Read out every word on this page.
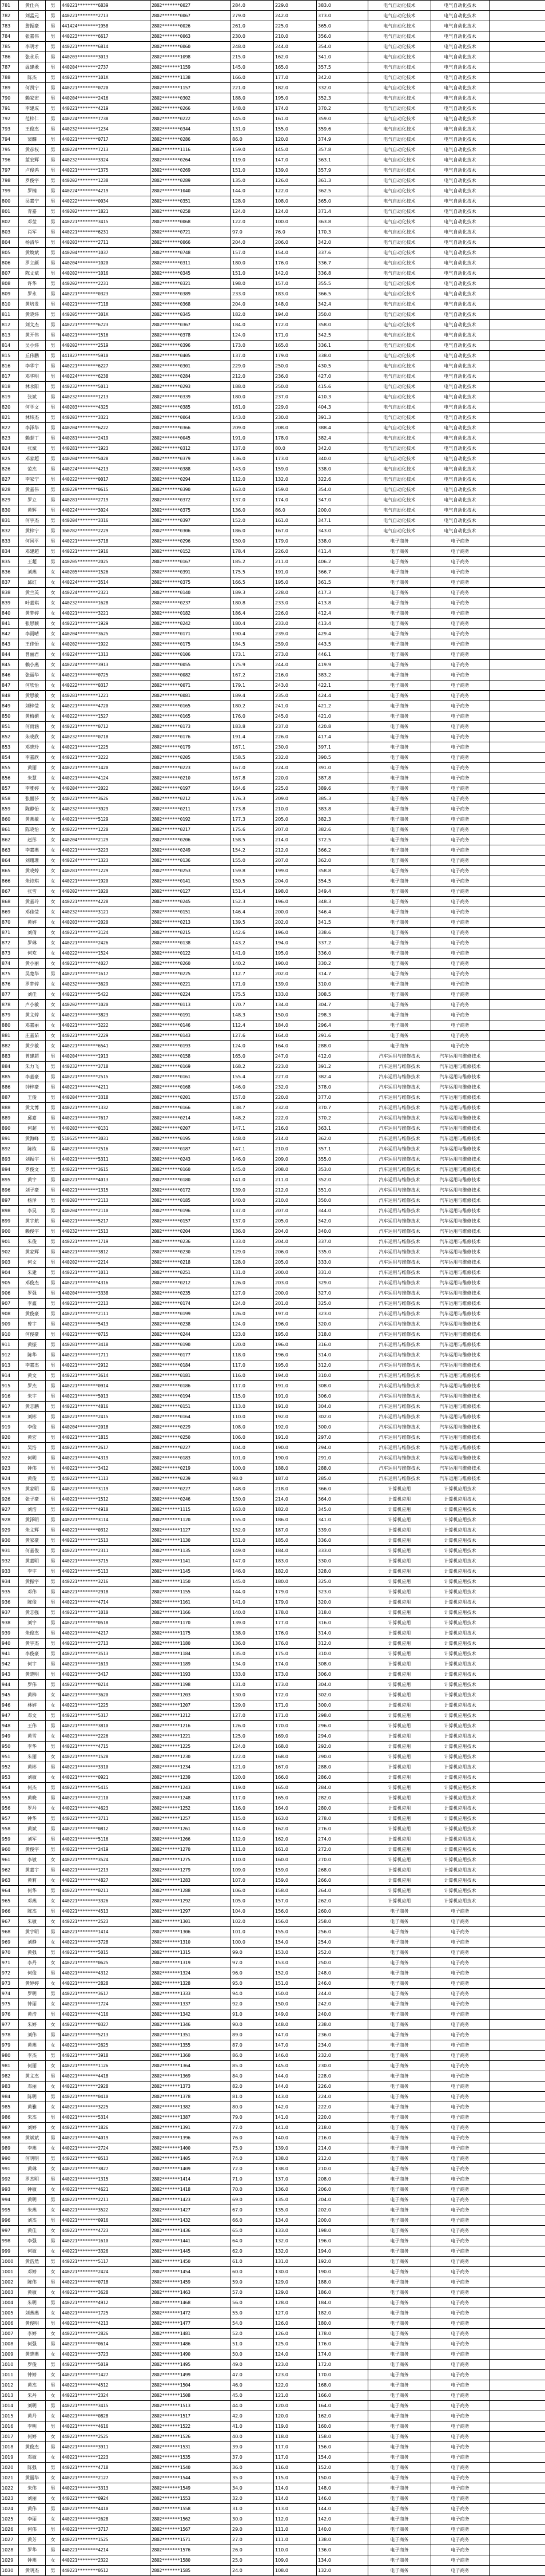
781	黄仕兴	男	440221********6839	2802*******0027	284.0	229.0	383.0	电气自动化技术	电气自动化技术	
782	刘孟元	男	440221********2713	2802*******0067	279.0	242.0	373.0	电气自动化技术	电气自动化技术	
783	詹振豪	男	441424********1958	2802*******0026	261.0	225.0	365.0	电气自动化技术	电气自动化技术	
784	张嘉伟	男	440223********6617	2802*******0063	230.0	210.0	356.0	电气自动化技术	电气自动化技术	
785	李明才	男	440221********6814	2802*******0060	248.0	244.0	354.0	电气自动化技术	电气自动化技术	
786	张永乐	男	440203********3013	2802*******1098	215.0	162.0	341.0	电气自动化技术	电气自动化技术	
787	温建淞	男	440204********2737	2802*******1159	145.0	165.0	357.5	电气自动化技术	电气自动化技术	
788	陈杰	男	440221********101X	2802*******1138	166.0	177.0	342.0	电气自动化技术	电气自动化技术	
789	何凯宁	男	440221********0720	2802*******1157	221.0	182.0	332.0	电气自动化技术	电气自动化技术	
790	赖家宏	男	440204********2416	2802*******0302	188.0	195.0	352.3	电气自动化技术	电气自动化技术	
791	李建成	男	440221********4219	2802*******0266	148.0	174.0	370.2	电气自动化技术	电气自动化技术	
792	范梓仁	男	440224********7738	2802*******0222	145.0	161.0	359.0	电气自动化技术	电气自动化技术	
793	王俊杰	男	440232********1234	2802*******0344	131.0	155.0	359.6	电气自动化技术	电气自动化技术	
794	梁麟	男	440221********0717	2802*******0286	86.0	120.0	374.9	电气自动化技术	电气自动化技术	
795	黄彦权	男	440224********7213	2802*******1116	159.0	145.0	357.8	电气自动化技术	电气自动化技术	
796	蓝宏辉	男	440232********3324	2802*******0264	119.0	147.0	363.1	电气自动化技术	电气自动化技术	
797	卢俊鸿	男	440221********1375	2802*******0269	151.0	139.0	357.9	电气自动化技术	电气自动化技术	
798	罗俊宇	男	440202********1238	2802*******0289	135.0	126.0	361.3	电气自动化技术	电气自动化技术	
799	罗楠	男	440224********4219	2802*******1040	144.0	122.0	362.5	电气自动化技术	电气自动化技术	
800	吴嘉宁	男	440222********0034	2802*******0351	128.0	108.0	365.0	电气自动化技术	电气自动化技术	
801	青嘉	男	440202********1821	2802*******0258	124.0	124.0	371.4	电气自动化技术	电气自动化技术	
802	邓莹	男	440221********3415	2802*******0068	122.0	100.0	363.8	电气自动化技术	电气自动化技术	
803	肖军	男	440221********6231	2802*******0721	97.0	76.0	170.3	电气自动化技术	电气自动化技术	
804	杨清华	男	440203********2711	2802*******0066	204.0	206.0	342.0	电气自动化技术	电气自动化技术	
805	黄焕斌	男	440204********1037	2802*******0748	157.0	154.0	337.6	电气自动化技术	电气自动化技术	
806	罗立颜	男	440204********1020	2802*******0311	180.0	176.0	336.7	电气自动化技术	电气自动化技术	
807	陈文斌	男	440202********1016	2802*******0345	151.0	142.0	336.8	电气自动化技术	电气自动化技术	
808	许华	男	440202********2231	2802*******0321	198.0	157.0	355.5	电气自动化技术	电气自动化技术	
809	罗永	男	440221********0323	2802*******0389	233.0	183.0	366.5	电气自动化技术	电气自动化技术	
810	黄培发	男	440221********7118	2802*******0368	204.0	148.0	342.4	电气自动化技术	电气自动化技术	
811	黄晓炜	男	440205********301X	2802*******0345	182.0	194.0	350.0	电气自动化技术	电气自动化技术	
812	刘文杰	男	440221********6723	2802*******0367	184.0	172.0	358.0	电气自动化技术	电气自动化技术	
813	黄开伟	男	440221********1516	2802*******0378	124.0	171.0	342.5	电气自动化技术	电气自动化技术	
814	吴小炜	男	440202********2519	2802*******0396	173.0	165.0	336.1	电气自动化技术	电气自动化技术	
815	丘伟鹏	男	441827********5910	2802*******0405	137.0	179.0	338.0	电气自动化技术	电气自动化技术	
816	李华宇	男	440221********6227	2802*******0301	229.0	250.0	430.5	电气自动化技术	电气自动化技术	
817	邓华明	男	440224********6238	2802*******0284	212.0	236.0	427.0	电气自动化技术	电气自动化技术	
818	林永阳	男	440232********5011	2802*******0293	188.0	250.0	415.6	电气自动化技术	电气自动化技术	
819	张斌	男	440232********1213	2802*******0339	180.0	237.0	410.3	电气自动化技术	电气自动化技术	
820	何学文	男	440203********4325	2802*******0385	161.0	229.0	404.3	电气自动化技术	电气自动化技术	
821	林炜杰	男	440203********3321	2802*******0064	143.0	230.0	391.3	电气自动化技术	电气自动化技术	
822	李泽华	男	440204********6222	2802*******0366	209.0	208.0	388.4	电气自动化技术	电气自动化技术	
823	赖泰丁	男	440281********2419	2802*******0045	191.0	178.0	382.4	电气自动化技术	电气自动化技术	
824	张斌	男	440281********1923	2802*******0312	137.0	80.0	342.0	电气自动化技术	电气自动化技术	
825	邓家超	男	440204********5028	2802*******0379	136.0	173.0	340.0	电气自动化技术	电气自动化技术	
826	范杰	男	440224********4213	2802*******0388	143.0	159.0	338.0	电气自动化技术	电气自动化技术	
827	李家宁	男	440222********0017	2802*******0294	112.0	132.0	322.6	电气自动化技术	电气自动化技术	
828	黄嘉伟	男	440229********0615	2802*******0390	163.0	159.0	354.0	电气自动化技术	电气自动化技术	
829	罗立	男	440281********2719	2802*******0372	137.0	174.0	347.0	电气自动化技术	电气自动化技术	
830	黄辉	男	440224********3024	2802*******0375	136.0	86.0	200.0	电气自动化技术	电气自动化技术	
831	何宇杰	男	440204********3316	2802*******0397	152.0	161.0	347.1	电气自动化技术	电气自动化技术	
832	黄梓宁	男	360782********2229	2802*******0306	186.0	167.0	343.0	电气自动化技术	电气自动化技术	
833	何国平	男	440221********3718	2802*******0296	150.0	179.0	338.0	电子商务	电子商务	
834	邓建超	男	440221********1916	2802*******0152	178.4	226.0	411.4	电子商务	电子商务	
835	王超	男	440205********2025	2802*******0167	185.2	211.0	406.2	电子商务	电子商务	
836	刘燕	女	440205********1526	2802*******0391	175.5	191.0	366.7	电子商务	电子商务	
837	邱红	女	440224********3514	2802*******0375	166.5	195.0	361.5	电子商务	电子商务	
838	黄兰英	女	440224********2321	2802*******0140	189.3	228.0	417.3	电子商务	电子商务	
839	叶嘉琪	女	440232********1628	2802*******0237	180.8	233.0	413.8	电子商务	电子商务	
840	黄梦婷	女	440221********3221	2802*******0182	186.4	226.0	412.4	电子商务	电子商务	
841	张思颖	女	440221********1929	2802*******0242	180.4	233.0	413.4	电子商务	电子商务	
842	李雨晴	女	440204********3625	2802*******0171	190.4	239.0	429.4	电子商务	电子商务	
843	王佳怡	女	440202********1922	2802*******0175	184.5	259.0	443.5	电子商务	电子商务	
844	曾丽君	女	440224********1313	2802*******0106	173.1	273.0	446.1	电子商务	电子商务	
845	赖小燕	女	440224********3913	2802*******0055	175.9	244.0	419.9	电子商务	电子商务	
846	张丽华	女	440221********0725	2802*******0082	167.2	216.0	383.2	电子商务	电子商务	
847	何欣怡	女	440222********0317	2802*******0071	179.1	243.0	422.1	电子商务	电子商务	
848	黄思敏	女	440281********1221	2802*******0081	189.4	235.0	424.4	电子商务	电子商务	
849	刘梓莹	女	440221********4720	2802*******0165	180.2	241.0	421.2	电子商务	电子商务	
850	黄梅媚	女	440222********1527	2802*******0165	176.0	245.0	421.0	电子商务	电子商务	
851	何雨涵	女	440221********0712	2802*******0173	183.8	237.0	420.8	电子商务	电子商务	
852	朱晓欣	女	440232********0718	2802*******0176	191.4	226.0	417.4	电子商务	电子商务	
853	邓晓玲	女	440221********1225	2802*******0179	167.1	230.0	397.1	电子商务	电子商务	
854	李嘉欣	女	440221********3222	2802*******0205	158.5	232.0	390.5	电子商务	电子商务	
855	黄丽	女	440221********1420	2802*******0223	167.0	224.0	391.0	电子商务	电子商务	
856	朱慧	女	440221********4124	2802*******0210	167.8	220.0	387.8	电子商务	电子商务	
857	李雅婷	女	440204********2022	2802*******0197	164.6	225.0	389.6	电子商务	电子商务	
858	张丽莎	女	440221********3626	2802*******0212	176.3	209.0	385.3	电子商务	电子商务	
859	陈静怡	女	440232********3929	2802*******0211	173.8	210.0	383.8	电子商务	电子商务	
860	黄燕敏	女	440221********5129	2802*******0192	177.3	205.0	382.3	电子商务	电子商务	
861	陈晓怡	女	440222********1220	2802*******0217	175.6	207.0	382.6	电子商务	电子商务	
862	赵彤	女	440204********2129	2802*******0206	158.5	214.0	372.5	电子商务	电子商务	
863	李嘉燕	女	440221********3223	2802*******0249	154.2	212.0	366.2	电子商务	电子商务	
864	刘珊珊	女	440224********1323	2802*******0136	155.0	207.0	362.0	电子商务	电子商务	
865	黄晓婷	女	440281********1229	2802*******0253	159.8	199.0	358.8	电子商务	电子商务	
866	朱诗琪	女	440221********1920	2802*******0141	150.5	204.0	354.5	电子商务	电子商务	
867	张雪	女	440202********1020	2802*******0127	151.4	198.0	349.4	电子商务	电子商务	
868	黄嘉玲	女	440221********4228	2802*******0245	152.3	196.0	348.3	电子商务	电子商务	
869	邓佳莹	女	440232********3121	2802*******0151	146.4	200.0	346.4	电子商务	电子商务	
870	黄婷	女	440203********2020	2802*******0213	139.5	202.0	341.5	电子商务	电子商务	
871	刘倩	女	440221********3124	2802*******0215	142.6	196.0	338.6	电子商务	电子商务	
872	罗琳	女	440221********2426	2802*******0138	143.2	194.0	337.2	电子商务	电子商务	
873	何欢	女	440222********1524	2802*******0122	141.0	195.0	336.0	电子商务	电子商务	
874	黄小丽	女	440221********4027	2802*******0260	140.2	190.0	330.2	电子商务	电子商务	
875	吴楚华	男	440221********1617	2802*******0225	112.7	202.0	314.7	电子商务	电子商务	
876	罗梦婷	女	440232********3629	2802*******0221	171.0	139.0	310.0	电子商务	电子商务	
877	刘佳	女	440221********5422	2802*******0224	175.5	133.0	308.5	电子商务	电子商务	
878	卢小敏	女	440202********1020	2802*******0113	170.7	134.0	304.7	电子商务	电子商务	
879	黄文婷	女	440221********3823	2802*******0191	148.3	150.0	298.3	电子商务	电子商务	
880	邓嘉丽	女	440221********3222	2802*******0146	112.4	184.0	296.4	电子商务	电子商务	
881	庄嘉茹	女	440221********2229	2802*******0143	127.6	164.0	291.6	电子商务	电子商务	
882	黄少敏	女	440221********6541	2802*******0193	124.0	164.0	288.0	电子商务	电子商务	
883	曾建超	男	440204********1913	2802*******0158	165.0	247.0	412.0	汽车运用与维修技术	汽车运用与维修技术	
884	朱力飞	男	440232********3718	2802*******0169	168.2	223.0	391.2	汽车运用与维修技术	汽车运用与维修技术	
885	李嘉豪	男	440221********2515	2802*******0161	155.4	227.0	382.4	汽车运用与维修技术	汽车运用与维修技术	
886	钟梓豪	男	440221********4211	2802*******0168	146.0	232.0	378.0	汽车运用与维修技术	汽车运用与维修技术	
887	王俊	男	440204********3318	2802*******0201	157.0	220.0	377.0	汽车运用与维修技术	汽车运用与维修技术	
888	黄文博	男	440221********1332	2802*******0166	138.7	232.0	370.7	汽车运用与维修技术	汽车运用与维修技术	
889	邱嘉	男	440221********7617	2802*******0214	148.2	222.0	370.2	汽车运用与维修技术	汽车运用与维修技术	
890	何超	男	440203********0131	2802*******0207	147.1	216.0	363.1	汽车运用与维修技术	汽车运用与维修技术	
891	黄海峰	男	510525********3031	2802*******0195	148.0	214.0	362.0	汽车运用与维修技术	汽车运用与维修技术	
892	陈栋	男	440221********2516	2802*******0187	147.1	210.0	357.1	汽车运用与维修技术	汽车运用与维修技术	
893	刘振宇	男	440221********5311	2802*******0243	146.0	209.0	355.0	汽车运用与维修技术	汽车运用与维修技术	
894	罗俊文	男	440221********3615	2802*******0160	145.0	208.0	353.0	汽车运用与维修技术	汽车运用与维修技术	
895	黄宇	男	440221********4013	2802*******0180	141.0	211.0	352.0	汽车运用与维修技术	汽车运用与维修技术	
896	刘子豪	男	440221********1315	2802*******0172	139.0	212.0	351.0	汽车运用与维修技术	汽车运用与维修技术	
897	杨泽	男	440203********2113	2802*******0185	140.0	210.0	350.0	汽车运用与维修技术	汽车运用与维修技术	
898	李昊	男	440204********2110	2802*******0196	137.0	207.0	344.0	汽车运用与维修技术	汽车运用与维修技术	
899	黄宇航	男	440221********5217	2802*******0157	137.0	205.0	342.0	汽车运用与维修技术	汽车运用与维修技术	
900	赖俊宇	男	440232********1513	2802*******0204	136.0	204.0	340.0	汽车运用与维修技术	汽车运用与维修技术	
901	朱俊	男	440221********1719	2802*******0236	133.0	204.0	337.0	汽车运用与维修技术	汽车运用与维修技术	
902	黄家辉	男	440221********3812	2802*******0230	129.0	206.0	335.0	汽车运用与维修技术	汽车运用与维修技术	
903	何文	男	440202********2214	2802*******0218	128.0	205.0	333.0	汽车运用与维修技术	汽车运用与维修技术	
904	朱建	男	440221********1011	2802*******0251	131.0	200.0	331.0	汽车运用与维修技术	汽车运用与维修技术	
905	邓俊杰	男	440221********4316	2802*******0212	126.0	203.0	329.0	汽车运用与维修技术	汽车运用与维修技术	
906	罗强	男	440204********3338	2802*******0235	127.0	200.0	327.0	汽车运用与维修技术	汽车运用与维修技术	
907	李鑫	男	440221********2213	2802*******0174	124.0	201.0	325.0	汽车运用与维修技术	汽车运用与维修技术	
908	黄俊豪	男	440221********2111	2802*******0199	126.0	197.0	323.0	汽车运用与维修技术	汽车运用与维修技术	
909	曾宇	男	440221********5413	2802*******0238	124.0	196.0	320.0	汽车运用与维修技术	汽车运用与维修技术	
910	何俊豪	男	440221********0715	2802*******0244	123.0	195.0	318.0	汽车运用与维修技术	汽车运用与维修技术	
911	黄振	男	440281********3418	2802*******0190	120.0	196.0	316.0	汽车运用与维修技术	汽车运用与维修技术	
912	陈华	男	440221********1711	2802*******0177	118.0	196.0	314.0	汽车运用与维修技术	汽车运用与维修技术	
913	李嘉杰	男	440221********2912	2802*******0184	117.0	195.0	312.0	汽车运用与维修技术	汽车运用与维修技术	
914	黄文	男	440221********3614	2802*******0181	116.0	194.0	310.0	汽车运用与维修技术	汽车运用与维修技术	
915	罗杰	男	440221********0914	2802*******0186	117.0	191.0	308.0	汽车运用与维修技术	汽车运用与维修技术	
916	朱宇	男	440221********5013	2802*******0194	115.0	191.0	306.0	汽车运用与维修技术	汽车运用与维修技术	
917	黄志鹏	男	440221********4816	2802*******0151	113.0	191.0	304.0	汽车运用与维修技术	汽车运用与维修技术	
918	刘彬	男	440221********2415	2802*******0164	110.0	192.0	302.0	汽车运用与维修技术	汽车运用与维修技术	
919	李俊	男	440204********2018	2802*******0229	108.0	192.0	300.0	汽车运用与维修技术	汽车运用与维修技术	
920	黄宏	男	440221********1815	2802*******0250	106.0	191.0	297.0	汽车运用与维修技术	汽车运用与维修技术	
921	吴浩	男	440221********2617	2802*******0227	104.0	190.0	294.0	汽车运用与维修技术	汽车运用与维修技术	
922	何明	男	440221********4319	2802*******0183	101.0	190.0	291.0	汽车运用与维修技术	汽车运用与维修技术	
923	钟伟	男	440221********3412	2802*******0219	100.0	188.0	288.0	汽车运用与维修技术	汽车运用与维修技术	
924	黄俊	男	440221********1113	2802*******0239	98.0	187.0	285.0	汽车运用与维修技术	汽车运用与维修技术	
925	黄家明	男	440221********3119	2802*******0227	148.0	218.0	366.0	计算机应用	计算机应用技术	
926	张子豪	男	440221********1512	2802*******0246	150.0	214.0	364.0	计算机应用	计算机应用技术	
927	刘浩	男	440221********4910	2802*******1115	163.0	182.0	345.0	计算机应用	计算机应用技术	
928	黄泽明	男	440221********3114	2802*******1120	155.0	186.0	341.0	计算机应用	计算机应用技术	
929	朱文辉	男	440221********0312	2802*******1127	152.0	187.0	339.0	计算机应用	计算机应用技术	
930	黄家豪	男	440221********1513	2802*******1130	151.0	185.0	336.0	计算机应用	计算机应用技术	
931	何嘉俊	男	440221********2311	2802*******1135	149.0	184.0	333.0	计算机应用	计算机应用技术	
932	黄嘉明	男	440221********3715	2802*******1141	147.0	183.0	330.0	计算机应用	计算机应用技术	
933	李宇	男	440221********5113	2802*******1145	146.0	182.0	328.0	计算机应用	计算机应用技术	
934	黄振宇	男	440221********3216	2802*******1150	145.0	180.0	325.0	计算机应用	计算机应用技术	
935	邓伟	男	440221********2918	2802*******1155	144.0	179.0	323.0	计算机应用	计算机应用技术	
936	陈俊	男	440221********4714	2802*******1161	141.0	179.0	320.0	计算机应用	计算机应用技术	
937	黄志强	男	440221********1010	2802*******1166	140.0	178.0	318.0	计算机应用	计算机应用技术	
938	刘宇	男	440221********0518	2802*******1170	139.0	177.0	316.0	计算机应用	计算机应用技术	
939	朱俊杰	男	440221********4217	2802*******1175	138.0	176.0	314.0	计算机应用	计算机应用技术	
940	黄宇杰	男	440221********2713	2802*******1180	136.0	176.0	312.0	计算机应用	计算机应用技术	
941	李俊豪	男	440221********3513	2802*******1184	135.0	175.0	310.0	计算机应用	计算机应用技术	
942	何宇	男	440221********1619	2802*******1189	134.0	174.0	308.0	计算机应用	计算机应用技术	
943	黄晓明	男	440221********3417	2802*******1193	133.0	173.0	306.0	计算机应用	计算机应用技术	
944	罗伟	男	440221********0214	2802*******1198	131.0	173.0	304.0	计算机应用	计算机应用技术	
945	黄梓	女	440221********3620	2802*******1203	130.0	172.0	302.0	计算机应用	计算机应用技术	
946	林婷	女	440221********1225	2802*******1207	129.0	171.0	300.0	计算机应用	计算机应用技术	
947	邓文	男	440221********5317	2802*******1212	127.0	171.0	298.0	计算机应用	计算机应用技术	
948	王伟	男	440221********3810	2802*******1216	126.0	170.0	296.0	计算机应用	计算机应用技术	
949	黄雪	女	440221********2226	2802*******1221	125.0	169.0	294.0	计算机应用	计算机应用技术	
950	李华	男	440221********4715	2802*******1225	124.0	168.0	292.0	计算机应用	计算机应用技术	
951	朱丽	女	440221********1528	2802*******1230	122.0	168.0	290.0	计算机应用	计算机应用技术	
952	黄彬	男	440221********3310	2802*******1234	121.0	167.0	288.0	计算机应用	计算机应用技术	
953	刘敏	女	440221********0921	2802*******1239	120.0	166.0	286.0	计算机应用	计算机应用技术	
954	何杰	男	440221********5415	2802*******1243	119.0	165.0	284.0	计算机应用	计算机应用技术	
955	黄晓	男	440221********2110	2802*******1248	117.0	165.0	282.0	计算机应用	计算机应用技术	
956	罗丹	女	440221********4623	2802*******1252	116.0	164.0	280.0	计算机应用	计算机应用技术	
957	钟华	男	440221********3711	2802*******1257	115.0	163.0	278.0	计算机应用	计算机应用技术	
958	黄斌	男	440221********0812	2802*******1261	114.0	162.0	276.0	计算机应用	计算机应用技术	
959	刘军	男	440221********5116	2802*******1266	112.0	162.0	274.0	计算机应用	计算机应用技术	
960	黄俊宇	男	440221********2419	2802*******1270	111.0	161.0	272.0	计算机应用	计算机应用技术	
961	李敏	女	440221********3524	2802*******1275	110.0	160.0	270.0	计算机应用	计算机应用技术	
962	黄嘉宇	男	440221********1213	2802*******1279	109.0	159.0	268.0	计算机应用	计算机应用技术	
963	黄莉	女	440221********4827	2802*******1283	107.0	159.0	266.0	计算机应用	计算机应用技术	
964	何华	男	440221********0211	2802*******1288	106.0	158.0	264.0	计算机应用	计算机应用技术	
965	邓燕	女	440221********3326	2802*******1292	105.0	157.0	262.0	计算机应用	计算机应用技术	
966	陈杰	男	440221********4513	2802*******1297	104.0	156.0	260.0	电子商务	电子商务	
967	朱敏	女	440221********2523	2802*******1301	102.0	156.0	258.0	电子商务	电子商务	
968	黄宇明	男	440221********1414	2802*******1306	101.0	155.0	256.0	电子商务	电子商务	
969	刘静	女	440221********3728	2802*******1310	100.0	154.0	254.0	电子商务	电子商务	
970	黄强	男	440221********5015	2802*******1315	99.0	153.0	252.0	电子商务	电子商务	
971	李丹	女	440221********0625	2802*******1319	97.0	153.0	250.0	电子商务	电子商务	
972	何俊	男	440221********4312	2802*******1324	96.0	152.0	248.0	电子商务	电子商务	
973	黄婷婷	女	440221********2828	2802*******1328	95.0	151.0	246.0	电子商务	电子商务	
974	罗明	男	440221********3617	2802*******1333	94.0	150.0	244.0	电子商务	电子商务	
975	钟丽	女	440221********1724	2802*******1337	92.0	150.0	242.0	电子商务	电子商务	
976	黄浩	男	440221********4116	2802*******1342	91.0	149.0	240.0	电子商务	电子商务	
977	朱婷	女	440221********0327	2802*******1346	90.0	148.0	238.0	电子商务	电子商务	
978	刘伟	男	440221********5213	2802*******1351	89.0	147.0	236.0	电子商务	电子商务	
979	黄燕	女	440221********2625	2802*******1355	87.0	147.0	234.0	电子商务	电子商务	
980	李杰	男	440221********3918	2802*******1360	86.0	146.0	232.0	电子商务	电子商务	
981	何丽	女	440221********1126	2802*******1364	85.0	145.0	230.0	电子商务	电子商务	
982	黄文杰	男	440221********4418	2802*******1369	84.0	144.0	228.0	电子商务	电子商务	
983	邓丽	女	440221********2928	2802*******1373	82.0	144.0	226.0	电子商务	电子商务	
984	陈明	男	440221********0410	2802*******1378	81.0	143.0	224.0	电子商务	电子商务	
985	黄雅	女	440221********3225	2802*******1382	80.0	142.0	222.0	电子商务	电子商务	
986	朱杰	男	440221********5314	2802*******1387	79.0	141.0	220.0	电子商务	电子商务	
987	刘婷	女	440221********1826	2802*******1391	77.0	141.0	218.0	电子商务	电子商务	
988	黄斌斌	男	440221********4019	2802*******1396	76.0	140.0	216.0	电子商务	电子商务	
989	李燕	女	440221********2724	2802*******1400	75.0	139.0	214.0	电子商务	电子商务	
990	何明明	男	440221********0513	2802*******1405	74.0	138.0	212.0	电子商务	电子商务	
991	黄琳	女	440221********3827	2802*******1409	72.0	138.0	210.0	电子商务	电子商务	
992	罗杰明	男	440221********1315	2802*******1414	71.0	137.0	208.0	电子商务	电子商务	
993	钟敏	女	440221********4621	2802*******1418	70.0	136.0	206.0	电子商务	电子商务	
994	黄明	男	440221********2211	2802*******1423	69.0	135.0	204.0	电子商务	电子商务	
995	朱燕	女	440221********3522	2802*******1427	67.0	135.0	202.0	电子商务	电子商务	
996	刘杰	男	440221********0916	2802*******1432	66.0	134.0	200.0	电子商务	电子商务	
997	黄佳	女	440221********4723	2802*******1436	65.0	133.0	198.0	电子商务	电子商务	
998	李强	男	440221********1610	2802*******1441	64.0	132.0	196.0	电子商务	电子商务	
999	何敏	女	440221********3326	2802*******1445	62.0	132.0	194.0	电子商务	电子商务	
1000	黄浩然	男	440221********5117	2802*******1450	61.0	131.0	192.0	电子商务	电子商务	
1001	邓婷	女	440221********2424	2802*******1454	60.0	130.0	190.0	电子商务	电子商务	
1002	陈伟	男	440221********0718	2802*******1459	59.0	129.0	188.0	电子商务	电子商务	
1003	黄敏	女	440221********3628	2802*******1463	57.0	129.0	186.0	电子商务	电子商务	
1004	朱明	男	440221********4912	2802*******1468	56.0	128.0	184.0	电子商务	电子商务	
1005	刘燕燕	女	440221********1725	2802*******1472	55.0	127.0	182.0	电子商务	电子商务	
1006	黄俊明	男	440221********4213	2802*******1477	54.0	126.0	180.0	电子商务	电子商务	
1007	李婷	女	440221********2826	2802*******1481	52.0	126.0	178.0	电子商务	电子商务	
1008	何强	男	440221********0614	2802*******1486	51.0	125.0	176.0	电子商务	电子商务	
1009	黄晓燕	女	440221********3723	2802*******1490	50.0	124.0	174.0	电子商务	电子商务	
1010	罗俊	男	440221********5019	2802*******1495	49.0	123.0	172.0	电子商务	电子商务	
1011	钟婷	女	440221********1427	2802*******1499	47.0	123.0	170.0	电子商务	电子商务	
1012	黄杰	男	440221********4512	2802*******1504	46.0	122.0	168.0	电子商务	电子商务	
1013	朱丹	女	440221********2324	2802*******1508	45.0	121.0	166.0	电子商务	电子商务	
1014	刘明	男	440221********3415	2802*******1513	44.0	120.0	164.0	电子商务	电子商务	
1015	黄丹	女	440221********0828	2802*******1517	42.0	120.0	162.0	电子商务	电子商务	
1016	李明	男	440221********4616	2802*******1522	41.0	119.0	160.0	电子商务	电子商务	
1017	何婷	女	440221********2525	2802*******1526	40.0	118.0	158.0	电子商务	电子商务	
1018	黄俊杰	男	440221********3911	2802*******1531	39.0	117.0	156.0	电子商务	电子商务	
1019	邓敏	女	440221********1223	2802*******1535	37.0	117.0	154.0	电子商务	电子商务	
1020	陈强	男	440221********4718	2802*******1540	36.0	116.0	152.0	电子商务	电子商务	
1021	黄丽华	女	440221********2127	2802*******1544	35.0	115.0	150.0	电子商务	电子商务	
1022	朱伟	男	440221********3313	2802*******1549	34.0	114.0	148.0	电子商务	电子商务	
1023	刘丽	女	440221********0924	2802*******1553	32.0	114.0	146.0	电子商务	电子商务	
1024	黄伟	男	440221********4410	2802*******1558	31.0	113.0	144.0	电子商务	电子商务	
1025	李丽	女	440221********2628	2802*******1562	30.0	112.0	142.0	电子商务	电子商务	
1026	何伟	男	440221********3717	2802*******1567	29.0	111.0	140.0	电子商务	电子商务	
1027	黄芳	女	440221********1525	2802*******1571	27.0	111.0	138.0	电子商务	电子商务	
1028	罗华	男	440221********4214	2802*******1576	26.0	110.0	136.0	电子商务	电子商务	
1029	钟燕	女	440221********2322	2802*******1580	25.0	109.0	134.0	电子商务	电子商务	
1030	黄明杰	男	440221********0512	2802*******1585	24.0	108.0	132.0	电子商务	电子商务	
